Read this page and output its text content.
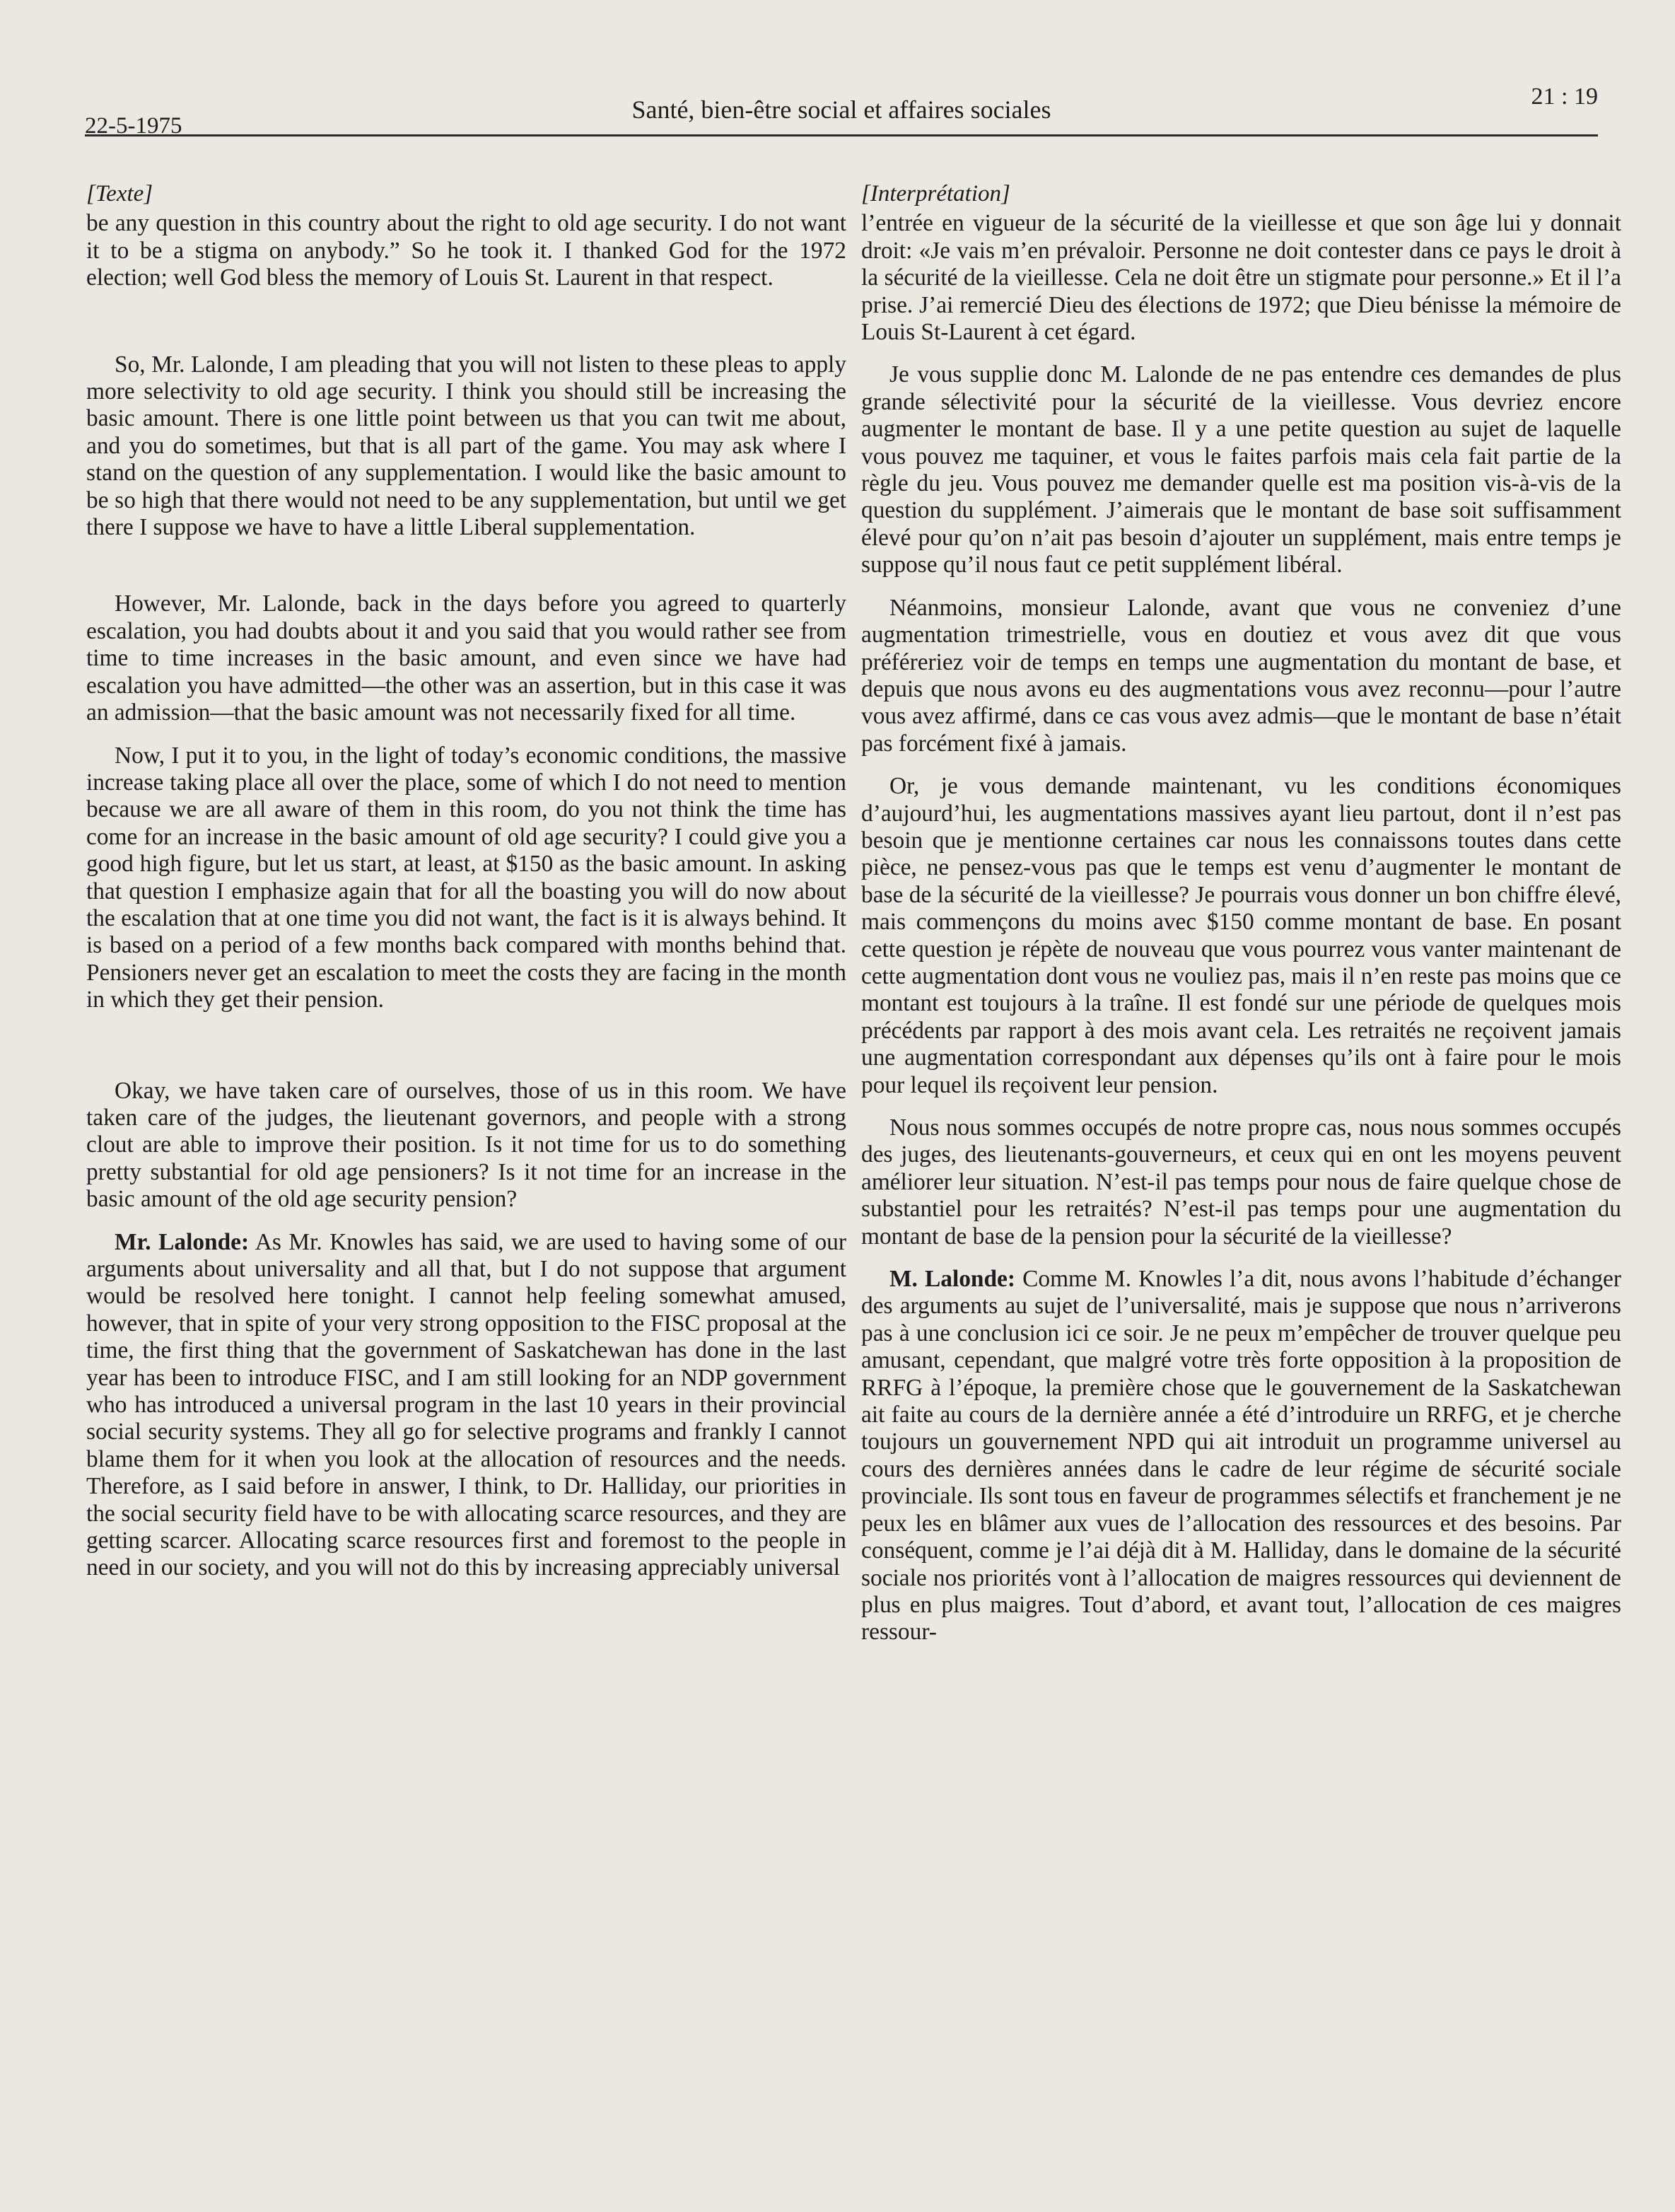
22-5-1975
Santé, bien-être social et affaires sociales	21 : 19
[Texte]

be any question in this country about the right to old age security. I do not want it to be a stigma on anybody.” So he took it. I thanked God for the 1972 election; well God bless the memory of Louis St. Laurent in that respect.

So, Mr. Lalonde, I am pleading that you will not listen to these pleas to apply more selectivity to old age security. I think you should still be increasing the basic amount. There is one little point between us that you can twit me about, and you do sometimes, but that is all part of the game. You may ask where I stand on the question of any supplementation. I would like the basic amount to be so high that there would not need to be any supplementation, but until we get there I suppose we have to have a little Liberal supplementation.

However, Mr. Lalonde, back in the days before you agreed to quarterly escalation, you had doubts about it and you said that you would rather see from time to time increases in the basic amount, and even since we have had escalation you have admitted—the other was an assertion, but in this case it was an admission—that the basic amount was not necessarily fixed for all time.

Now, I put it to you, in the light of today’s economic conditions, the massive increase taking place all over the place, some of which I do not need to mention because we are all aware of them in this room, do you not think the time has come for an increase in the basic amount of old age security? I could give you a good high figure, but let us start, at least, at $150 as the basic amount. In asking that question I emphasize again that for all the boasting you will do now about the escalation that at one time you did not want, the fact is it is always behind. It is based on a period of a few months back compared with months behind that. Pensioners never get an escalation to meet the costs they are facing in the month in which they get their pension.

Okay, we have taken care of ourselves, those of us in this room. We have taken care of the judges, the lieutenant governors, and people with a strong clout are able to improve their position. Is it not time for us to do something pretty substantial for old age pensioners? Is it not time for an increase in the basic amount of the old age security pension?

Mr. Lalonde: As Mr. Knowles has said, we are used to having some of our arguments about universality and all that, but I do not suppose that argument would be resolved here tonight. I cannot help feeling somewhat amused, however, that in spite of your very strong opposition to the FISC proposal at the time, the first thing that the government of Saskatchewan has done in the last year has been to introduce FISC, and I am still looking for an NDP government who has introduced a universal program in the last 10 years in their provincial social security systems. They all go for selective programs and frankly I cannot blame them for it when you look at the allocation of resources and the needs. Therefore, as I said before in answer, I think, to Dr. Halliday, our priorities in the social security field have to be with allocating scarce resources, and they are getting scarcer. Allocating scarce resources first and foremost to the people in need in our society, and you will not do this by increasing appreciably universal

[Interprétation]

l’entrée en vigueur de la sécurité de la vieillesse et que son âge lui y donnait droit: «Je vais m’en prévaloir. Personne ne doit contester dans ce pays le droit à la sécurité de la vieillesse. Cela ne doit être un stigmate pour personne.» Et il l’a prise. J’ai remercié Dieu des élections de 1972; que Dieu bénisse la mémoire de Louis St-Laurent à cet égard.

Je vous supplie donc M. Lalonde de ne pas entendre ces demandes de plus grande sélectivité pour la sécurité de la vieillesse. Vous devriez encore augmenter le montant de base. Il y a une petite question au sujet de laquelle vous pouvez me taquiner, et vous le faites parfois mais cela fait partie de la règle du jeu. Vous pouvez me demander quelle est ma position vis-à-vis de la question du supplément. J’aimerais que le montant de base soit suffisamment élevé pour qu’on n’ait pas besoin d’ajouter un supplément, mais entre temps je suppose qu’il nous faut ce petit supplément libéral.

Néanmoins, monsieur Lalonde, avant que vous ne conveniez d’une augmentation trimestrielle, vous en doutiez et vous avez dit que vous préféreriez voir de temps en temps une augmentation du montant de base, et depuis que nous avons eu des augmentations vous avez reconnu—pour l’autre vous avez affirmé, dans ce cas vous avez admis—que le montant de base n’était pas forcément fixé à jamais.

Or, je vous demande maintenant, vu les conditions économiques d’aujourd’hui, les augmentations massives ayant lieu partout, dont il n’est pas besoin que je mentionne certaines car nous les connaissons toutes dans cette pièce, ne pensez-vous pas que le temps est venu d’augmenter le montant de base de la sécurité de la vieillesse? Je pourrais vous donner un bon chiffre élevé, mais commençons du moins avec $150 comme montant de base. En posant cette question je répète de nouveau que vous pourrez vous vanter maintenant de cette augmentation dont vous ne vouliez pas, mais il n’en reste pas moins que ce montant est toujours à la traîne. Il est fondé sur une période de quelques mois précédents par rapport à des mois avant cela. Les retraités ne reçoivent jamais une augmentation correspondant aux dépenses qu’ils ont à faire pour le mois pour lequel ils reçoivent leur pension.

Nous nous sommes occupés de notre propre cas, nous nous sommes occupés des juges, des lieutenants-gouverneurs, et ceux qui en ont les moyens peuvent améliorer leur situation. N’est-il pas temps pour nous de faire quelque chose de substantiel pour les retraités? N’est-il pas temps pour une augmentation du montant de base de la pension pour la sécurité de la vieillesse?

M. Lalonde: Comme M. Knowles l’a dit, nous avons l’habitude d’échanger des arguments au sujet de l’universalité, mais je suppose que nous n’arriverons pas à une conclusion ici ce soir. Je ne peux m’empêcher de trouver quelque peu amusant, cependant, que malgré votre très forte opposition à la proposition de RRFG à l’époque, la première chose que le gouvernement de la Saskatchewan ait faite au cours de la dernière année a été d’introduire un RRFG, et je cherche toujours un gouvernement NPD qui ait introduit un programme universel au cours des dernières années dans le cadre de leur régime de sécurité sociale provinciale. Ils sont tous en faveur de programmes sélectifs et franchement je ne peux les en blâmer aux vues de l’allocation des ressources et des besoins. Par conséquent, comme je l’ai déjà dit à M. Halliday, dans le domaine de la sécurité sociale nos priorités vont à l’allocation de maigres ressources qui deviennent de plus en plus maigres. Tout d’abord, et avant tout, l’allocation de ces maigres ressour-
